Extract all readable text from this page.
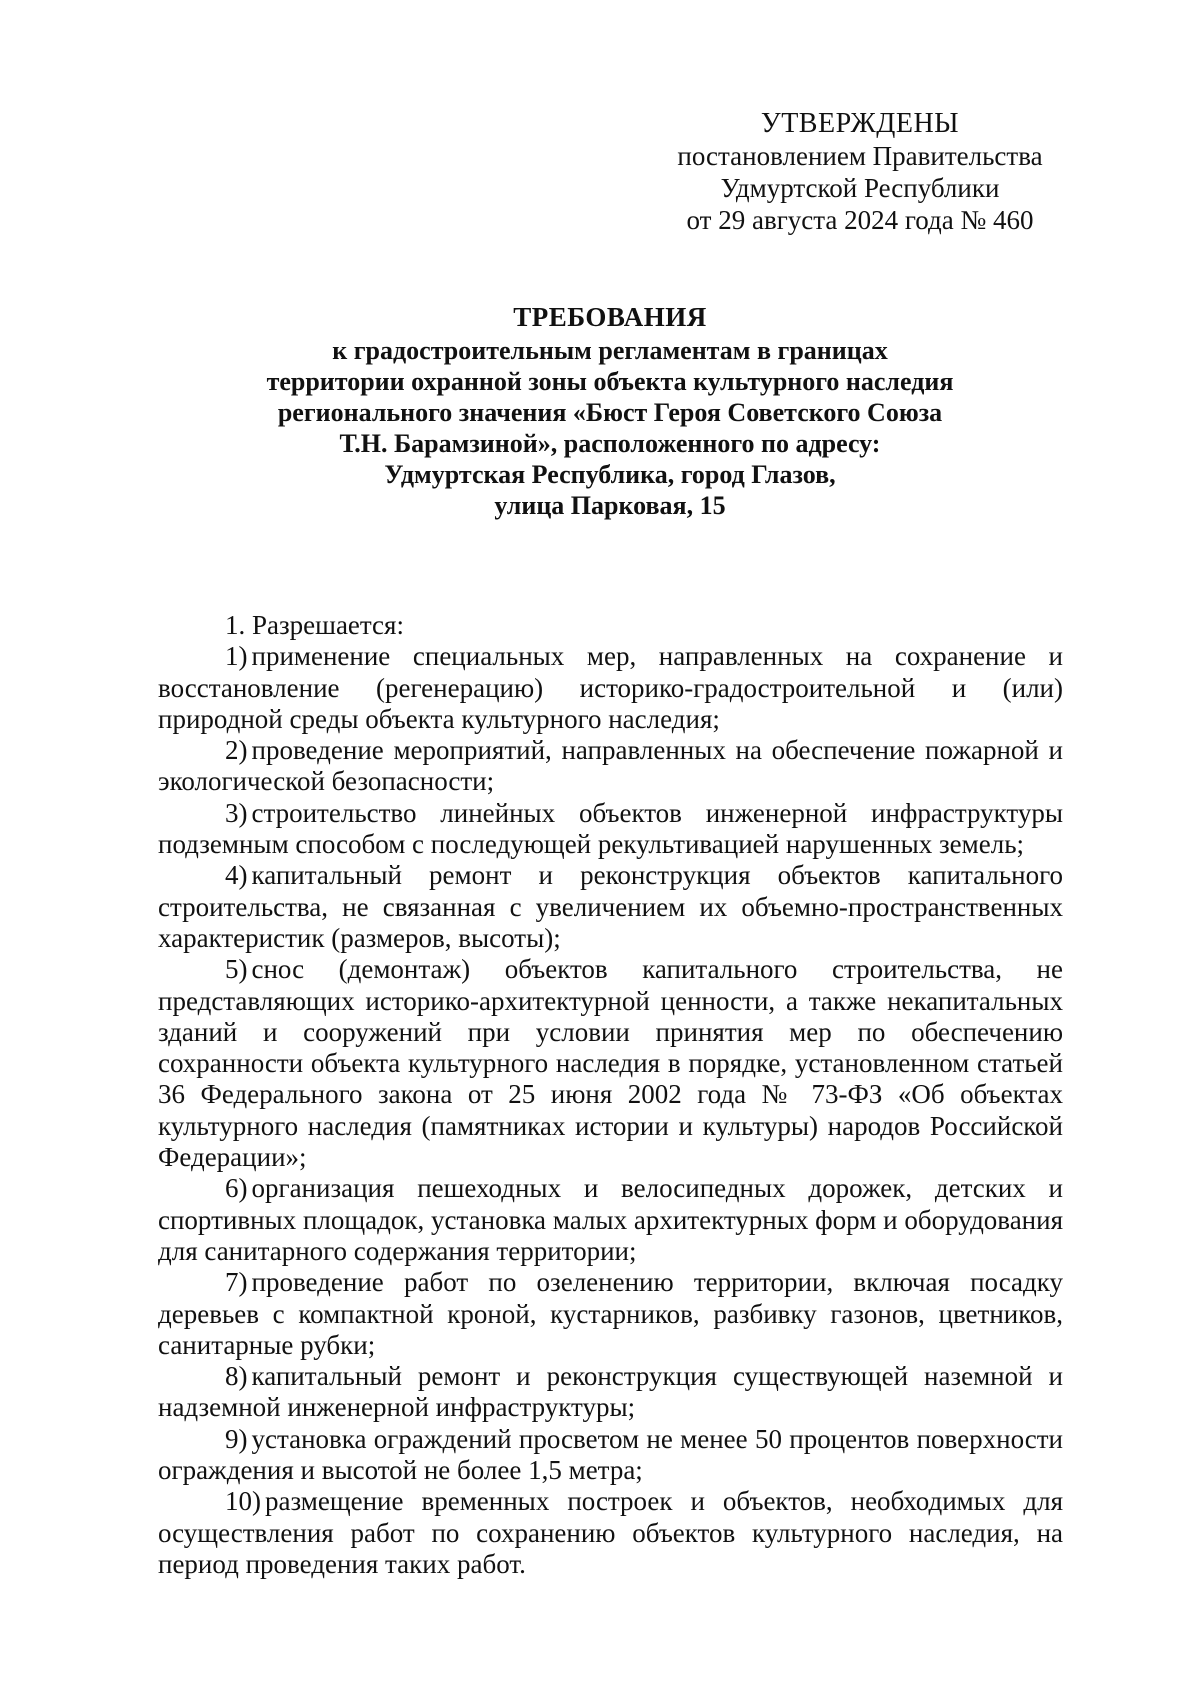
УТВЕРЖДЕНЫ
постановлением Правительства
Удмуртской Республики
от 29 августа 2024 года № 460
ТРЕБОВАНИЯ
к градостроительным регламентам в границах
территории охранной зоны объекта культурного наследия
регионального значения «Бюст Героя Советского Союза
Т.Н. Барамзиной», расположенного по адресу:
Удмуртская Республика, город Глазов,
улица Парковая, 15

1. Разрешается:

1) применение специальных мер, направленных на сохранение и восстановление (регенерацию) историко-градостроительной и (или) природной среды объекта культурного наследия;

2) проведение мероприятий, направленных на обеспечение пожарной и экологической безопасности;

3) строительство линейных объектов инженерной инфраструктуры подземным способом с последующей рекультивацией нарушенных земель;

4) капитальный ремонт и реконструкция объектов капитального строительства, не связанная с увеличением их объемно-пространственных характеристик (размеров, высоты);

5) снос (демонтаж) объектов капитального строительства, не представляющих историко-архитектурной ценности, а также некапитальных зданий и сооружений при условии принятия мер по обеспечению сохранности объекта культурного наследия в порядке, установленном статьей 36 Федерального закона от 25 июня 2002 года № 73-ФЗ «Об объектах культурного наследия (памятниках истории и культуры) народов Российской Федерации»;

6) организация пешеходных и велосипедных дорожек, детских и спортивных площадок, установка малых архитектурных форм и оборудования для санитарного содержания территории;

7) проведение работ по озеленению территории, включая посадку деревьев с компактной кроной, кустарников, разбивку газонов, цветников, санитарные рубки;

8) капитальный ремонт и реконструкция существующей наземной и надземной инженерной инфраструктуры;

9) установка ограждений просветом не менее 50 процентов поверхности ограждения и высотой не более 1,5 метра;

10) размещение временных построек и объектов, необходимых для осуществления работ по сохранению объектов культурного наследия, на период проведения таких работ.
